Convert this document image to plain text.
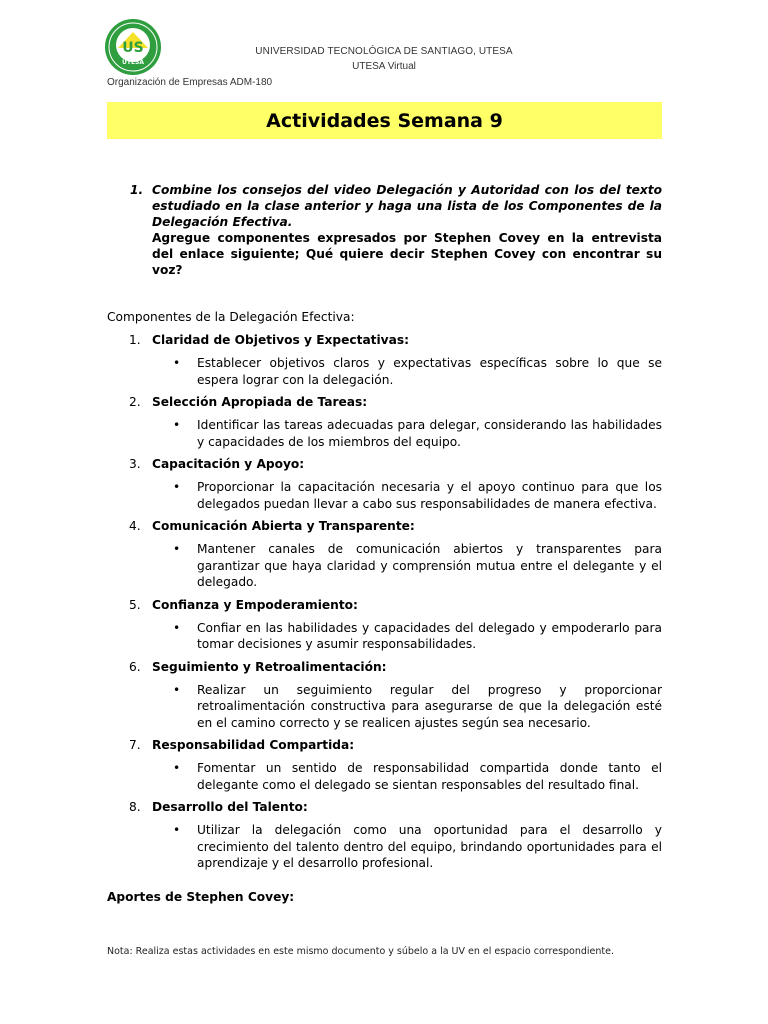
US
UTESA
UNIVERSIDAD TECNOLÓGICA DE SANTIAGO, UTESA
UTESA Virtual
Organización de Empresas ADM-180
Actividades Semana 9
1. Combine los consejos del video Delegación y Autoridad con los del texto estudiado en la clase anterior y haga una lista de los Componentes de la Delegación Efectiva.
Agregue componentes expresados por Stephen Covey en la entrevista del enlace siguiente; Qué quiere decir Stephen Covey con encontrar su voz?
Componentes de la Delegación Efectiva:
1. Claridad de Objetivos y Expectativas:
• Establecer objetivos claros y expectativas específicas sobre lo que se espera lograr con la delegación.
2. Selección Apropiada de Tareas:
• Identificar las tareas adecuadas para delegar, considerando las habilidades y capacidades de los miembros del equipo.
3. Capacitación y Apoyo:
• Proporcionar la capacitación necesaria y el apoyo continuo para que los delegados puedan llevar a cabo sus responsabilidades de manera efectiva.
4. Comunicación Abierta y Transparente:
• Mantener canales de comunicación abiertos y transparentes para garantizar que haya claridad y comprensión mutua entre el delegante y el delegado.
5. Confianza y Empoderamiento:
• Confiar en las habilidades y capacidades del delegado y empoderarlo para tomar decisiones y asumir responsabilidades.
6. Seguimiento y Retroalimentación:
• Realizar un seguimiento regular del progreso y proporcionar retroalimentación constructiva para asegurarse de que la delegación esté en el camino correcto y se realicen ajustes según sea necesario.
7. Responsabilidad Compartida:
• Fomentar un sentido de responsabilidad compartida donde tanto el delegante como el delegado se sientan responsables del resultado final.
8. Desarrollo del Talento:
• Utilizar la delegación como una oportunidad para el desarrollo y crecimiento del talento dentro del equipo, brindando oportunidades para el aprendizaje y el desarrollo profesional.
Aportes de Stephen Covey:
Nota: Realiza estas actividades en este mismo documento y súbelo a la UV en el espacio correspondiente.
